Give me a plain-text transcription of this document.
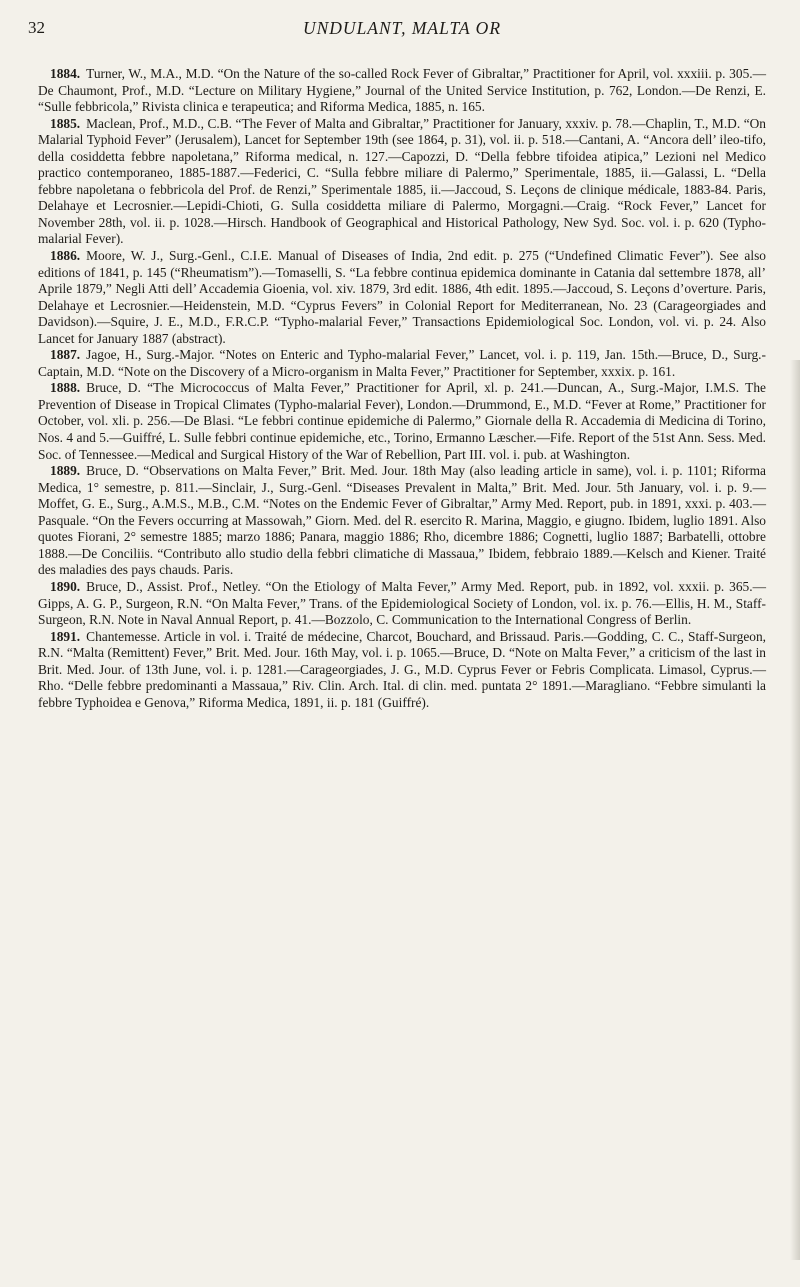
32	UNDULANT, MALTA OR

1884. Turner, W., M.A., M.D. “On the Nature of the so-called Rock Fever of Gibraltar,” Practitioner for April, vol. xxxiii. p. 305.—De Chaumont, Prof., M.D. “Lecture on Military Hygiene,” Journal of the United Service Institution, p. 762, London.—De Renzi, E. “Sulle febbricola,” Rivista clinica e terapeutica; and Riforma Medica, 1885, n. 165.

1885. Maclean, Prof., M.D., C.B. “The Fever of Malta and Gibraltar,” Practitioner for January, xxxiv. p. 78.—Chaplin, T., M.D. “On Malarial Typhoid Fever” (Jerusalem), Lancet for September 19th (see 1864, p. 31), vol. ii. p. 518.—Cantani, A. “Ancora dell’ ileo-tifo, della cosiddetta febbre napoletana,” Riforma medical, n. 127.—Capozzi, D. “Della febbre tifoidea atipica,” Lezioni nel Medico practico contemporaneo, 1885-1887.—Federici, C. “Sulla febbre miliare di Palermo,” Sperimentale, 1885, ii.—Galassi, L. “Della febbre napoletana o febbricola del Prof. de Renzi,” Sperimentale 1885, ii.—Jaccoud, S. Leçons de clinique médicale, 1883-84. Paris, Delahaye et Lecrosnier.—Lepidi-Chioti, G. Sulla cosiddetta miliare di Palermo, Morgagni.—Craig. “Rock Fever,” Lancet for November 28th, vol. ii. p. 1028.—Hirsch. Handbook of Geographical and Historical Pathology, New Syd. Soc. vol. i. p. 620 (Typho-malarial Fever).

1886. Moore, W. J., Surg.-Genl., C.I.E. Manual of Diseases of India, 2nd edit. p. 275 (“Undefined Climatic Fever”). See also editions of 1841, p. 145 (“Rheumatism”).—Tomaselli, S. “La febbre continua epidemica dominante in Catania dal settembre 1878, all’ Aprile 1879,” Negli Atti dell’ Accademia Gioenia, vol. xiv. 1879, 3rd edit. 1886, 4th edit. 1895.—Jaccoud, S. Leçons d’overture. Paris, Delahaye et Lecrosnier.—Heidenstein, M.D. “Cyprus Fevers” in Colonial Report for Mediterranean, No. 23 (Carageorgiades and Davidson).—Squire, J. E., M.D., F.R.C.P. “Typho-malarial Fever,” Transactions Epidemiological Soc. London, vol. vi. p. 24. Also Lancet for January 1887 (abstract).

1887. Jagoe, H., Surg.-Major. “Notes on Enteric and Typho-malarial Fever,” Lancet, vol. i. p. 119, Jan. 15th.—Bruce, D., Surg.-Captain, M.D. “Note on the Discovery of a Micro-organism in Malta Fever,” Practitioner for September, xxxix. p. 161.

1888. Bruce, D. “The Micrococcus of Malta Fever,” Practitioner for April, xl. p. 241.—Duncan, A., Surg.-Major, I.M.S. The Prevention of Disease in Tropical Climates (Typho-malarial Fever), London.—Drummond, E., M.D. “Fever at Rome,” Practitioner for October, vol. xli. p. 256.—De Blasi. “Le febbri continue epidemiche di Palermo,” Giornale della R. Accademia di Medicina di Torino, Nos. 4 and 5.—Guiffré, L. Sulle febbri continue epidemiche, etc., Torino, Ermanno Læscher.—Fife. Report of the 51st Ann. Sess. Med. Soc. of Tennessee.—Medical and Surgical History of the War of Rebellion, Part III. vol. i. pub. at Washington.

1889. Bruce, D. “Observations on Malta Fever,” Brit. Med. Jour. 18th May (also leading article in same), vol. i. p. 1101; Riforma Medica, 1° semestre, p. 811.—Sinclair, J., Surg.-Genl. “Diseases Prevalent in Malta,” Brit. Med. Jour. 5th January, vol. i. p. 9.—Moffet, G. E., Surg., A.M.S., M.B., C.M. “Notes on the Endemic Fever of Gibraltar,” Army Med. Report, pub. in 1891, xxxi. p. 403.—Pasquale. “On the Fevers occurring at Massowah,” Giorn. Med. del R. esercito R. Marina, Maggio, e giugno. Ibidem, luglio 1891. Also quotes Fiorani, 2° semestre 1885; marzo 1886; Panara, maggio 1886; Rho, dicembre 1886; Cognetti, luglio 1887; Barbatelli, ottobre 1888.—De Conciliis. “Contributo allo studio della febbri climatiche di Massaua,” Ibidem, febbraio 1889.—Kelsch and Kiener. Traité des maladies des pays chauds. Paris.

1890. Bruce, D., Assist. Prof., Netley. “On the Etiology of Malta Fever,” Army Med. Report, pub. in 1892, vol. xxxii. p. 365.—Gipps, A. G. P., Surgeon, R.N. “On Malta Fever,” Trans. of the Epidemiological Society of London, vol. ix. p. 76.—Ellis, H. M., Staff-Surgeon, R.N. Note in Naval Annual Report, p. 41.—Bozzolo, C. Communication to the International Congress of Berlin.

1891. Chantemesse. Article in vol. i. Traité de médecine, Charcot, Bouchard, and Brissaud. Paris.—Godding, C. C., Staff-Surgeon, R.N. “Malta (Remittent) Fever,” Brit. Med. Jour. 16th May, vol. i. p. 1065.—Bruce, D. “Note on Malta Fever,” a criticism of the last in Brit. Med. Jour. of 13th June, vol. i. p. 1281.—Carageorgiades, J. G., M.D. Cyprus Fever or Febris Complicata. Limasol, Cyprus.—Rho. “Delle febbre predominanti a Massaua,” Riv. Clin. Arch. Ital. di clin. med. puntata 2° 1891.—Maragliano. “Febbre simulanti la febbre Typhoidea e Genova,” Riforma Medica, 1891, ii. p. 181 (Guiffré).
